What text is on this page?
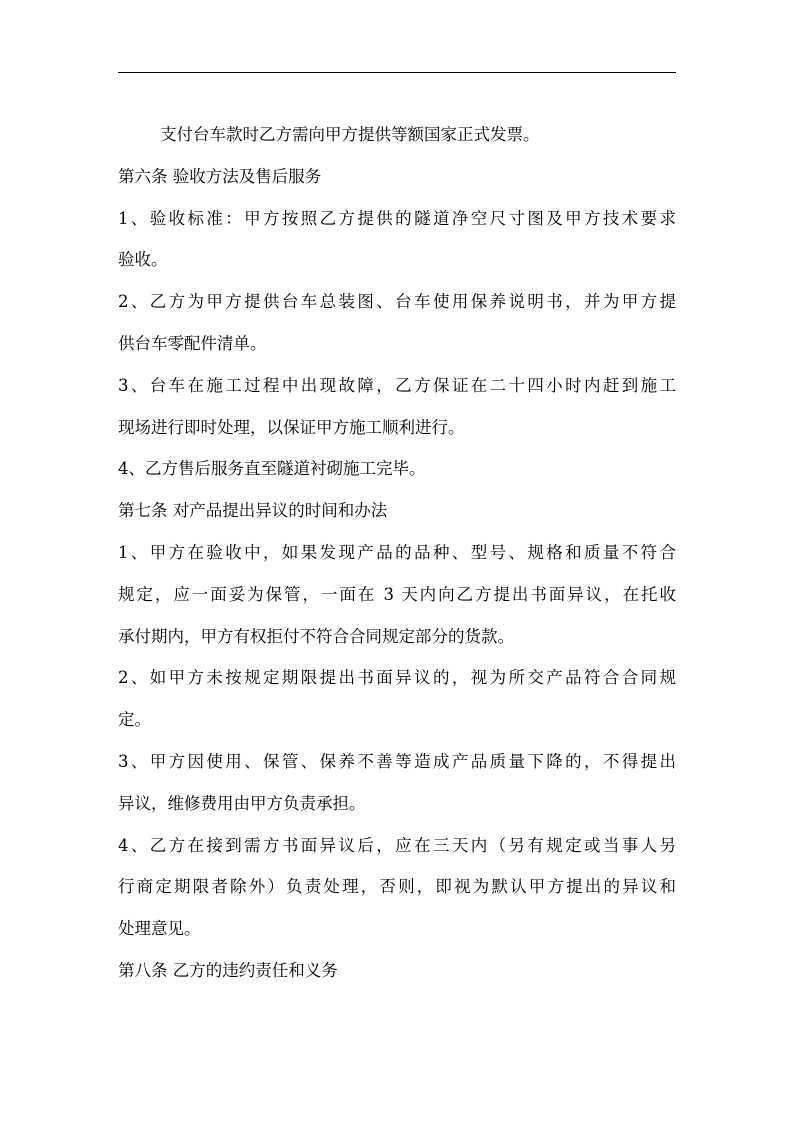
支付台车款时乙方需向甲方提供等额国家正式发票。
第六条 验收方法及售后服务
1、验收标准：甲方按照乙方提供的隧道净空尺寸图及甲方技术要求
验收。
2、乙方为甲方提供台车总装图、台车使用保养说明书，并为甲方提
供台车零配件清单。
3、台车在施工过程中出现故障，乙方保证在二十四小时内赶到施工
现场进行即时处理，以保证甲方施工顺利进行。
4、乙方售后服务直至隧道衬砌施工完毕。
第七条 对产品提出异议的时间和办法
1、甲方在验收中，如果发现产品的品种、型号、规格和质量不符合
规定，应一面妥为保管，一面在 3 天内向乙方提出书面异议，在托收
承付期内，甲方有权拒付不符合合同规定部分的货款。
2、如甲方未按规定期限提出书面异议的，视为所交产品符合合同规
定。
3、甲方因使用、保管、保养不善等造成产品质量下降的，不得提出
异议，维修费用由甲方负责承担。
4、乙方在接到需方书面异议后，应在三天内（另有规定或当事人另
行商定期限者除外）负责处理，否则，即视为默认甲方提出的异议和
处理意见。
第八条 乙方的违约责任和义务
